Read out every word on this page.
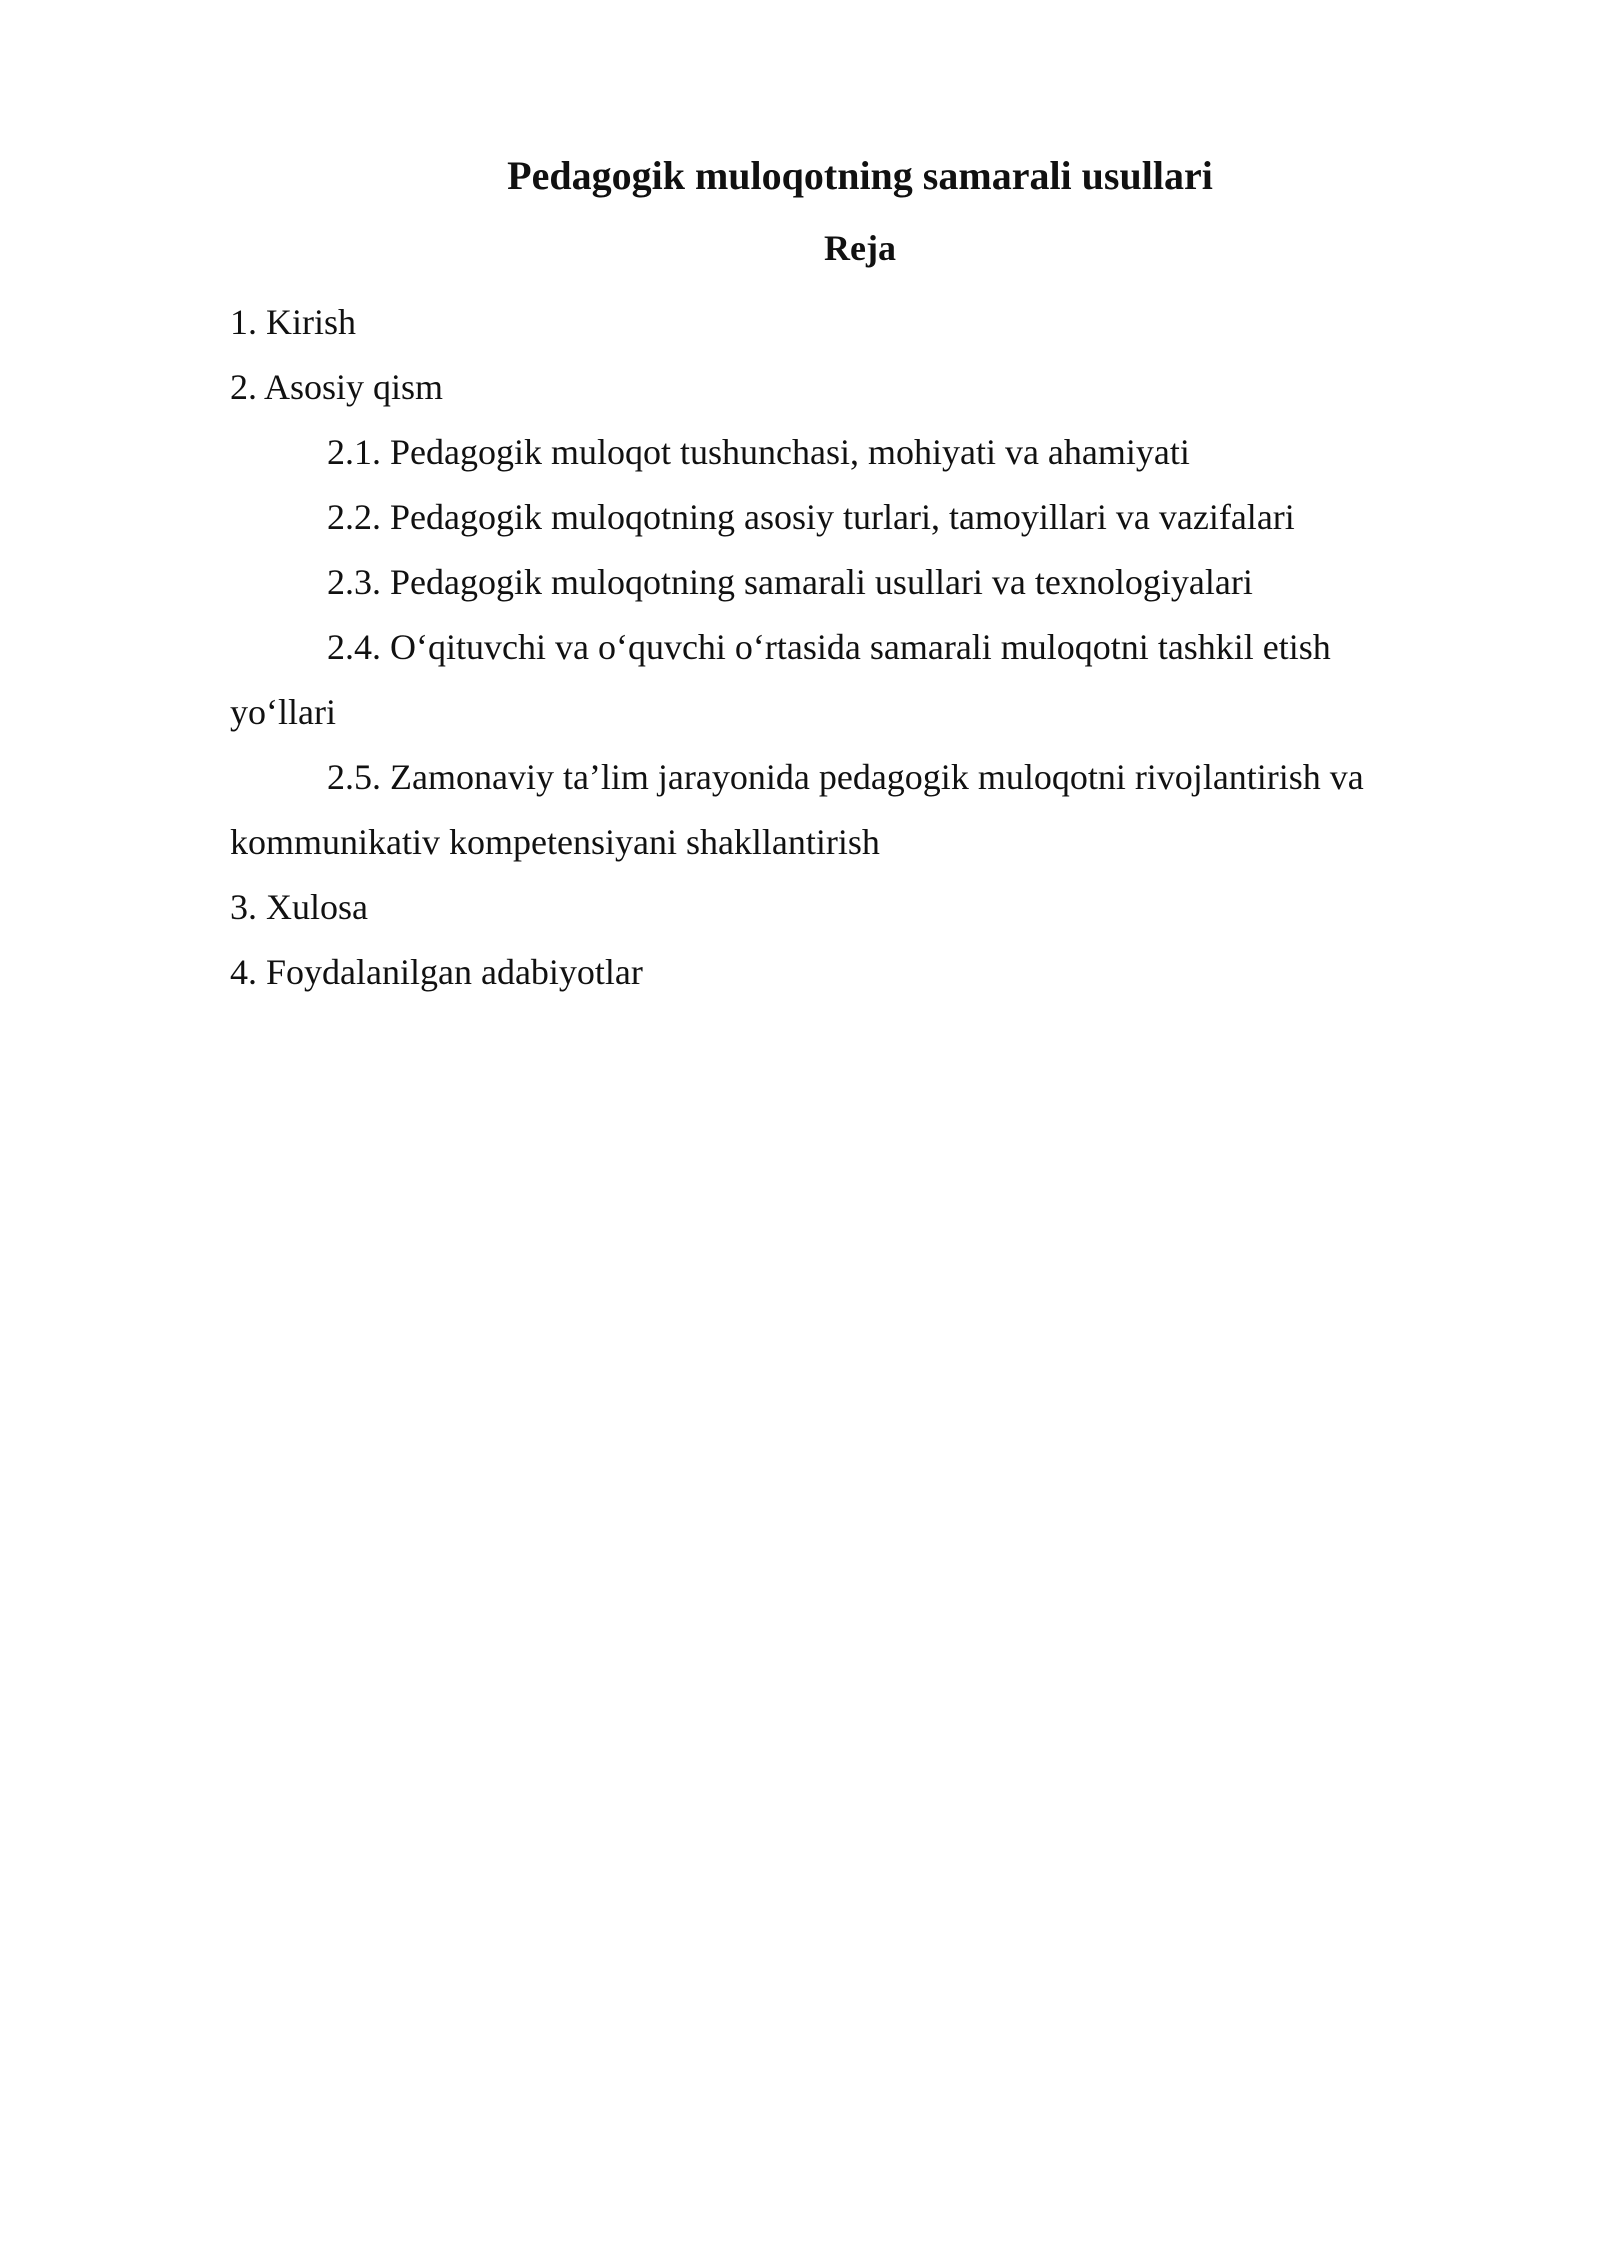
Pedagogik muloqotning samarali usullari
Reja
1. Kirish
2. Asosiy qism
2.1. Pedagogik muloqot tushunchasi, mohiyati va ahamiyati
2.2. Pedagogik muloqotning asosiy turlari, tamoyillari va vazifalari
2.3. Pedagogik muloqotning samarali usullari va texnologiyalari
2.4. O‘qituvchi va o‘quvchi o‘rtasida samarali muloqotni tashkil etish yo‘llari
2.5. Zamonaviy ta’lim jarayonida pedagogik muloqotni rivojlantirish va kommunikativ kompetensiyani shakllantirish
3. Xulosa
4. Foydalanilgan adabiyotlar
